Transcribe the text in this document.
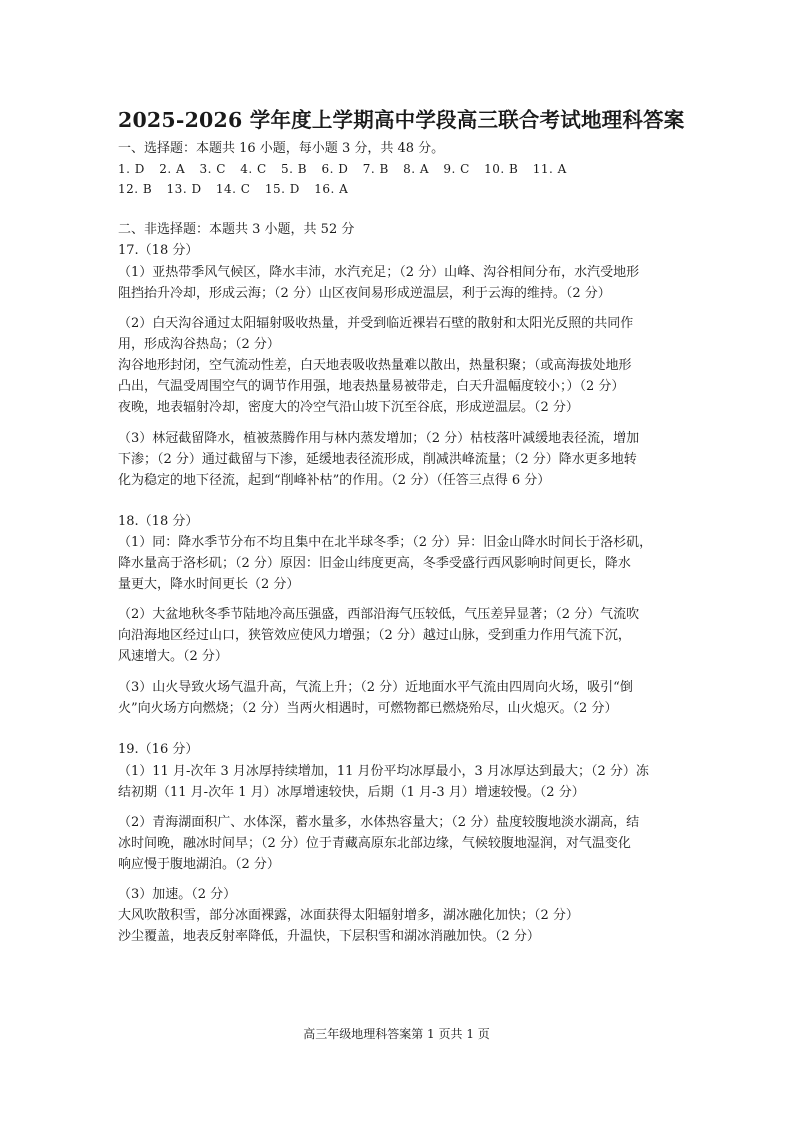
2025-2026 学年度上学期高中学段高三联合考试地理科答案
一、选择题：本题共 16 小题，每小题 3 分，共 48 分。
1. D 2. A 3. C 4. C 5. B 6. D 7. B 8. A 9. C 10. B 11. A
12. B 13. D 14. C 15. D 16. A
二、非选择题：本题共 3 小题，共 52 分
17.（18 分）
（1）亚热带季风气候区，降水丰沛，水汽充足；（2 分）山峰、沟谷相间分布，水汽受地形
阻挡抬升冷却，形成云海；（2 分）山区夜间易形成逆温层，利于云海的维持。（2 分）
（2）白天沟谷通过太阳辐射吸收热量，并受到临近裸岩石壁的散射和太阳光反照的共同作
用，形成沟谷热岛；（2 分）
沟谷地形封闭，空气流动性差，白天地表吸收热量难以散出，热量积聚；（或高海拔处地形
凸出，气温受周围空气的调节作用强，地表热量易被带走，白天升温幅度较小；）（2 分）
夜晚，地表辐射冷却，密度大的冷空气沿山坡下沉至谷底，形成逆温层。（2 分）
（3）林冠截留降水，植被蒸腾作用与林内蒸发增加；（2 分）枯枝落叶减缓地表径流，增加
下渗；（2 分）通过截留与下渗，延缓地表径流形成，削减洪峰流量；（2 分）降水更多地转
化为稳定的地下径流，起到“削峰补枯”的作用。（2 分）（任答三点得 6 分）
18.（18 分）
（1）同：降水季节分布不均且集中在北半球冬季；（2 分）异：旧金山降水时间长于洛杉矶，
降水量高于洛杉矶；（2 分）原因：旧金山纬度更高，冬季受盛行西风影响时间更长，降水
量更大，降水时间更长（2 分）
（2）大盆地秋冬季节陆地冷高压强盛，西部沿海气压较低，气压差异显著；（2 分）气流吹
向沿海地区经过山口，狭管效应使风力增强；（2 分）越过山脉，受到重力作用气流下沉，
风速增大。（2 分）
（3）山火导致火场气温升高，气流上升；（2 分）近地面水平气流由四周向火场，吸引“倒
火”向火场方向燃烧；（2 分）当两火相遇时，可燃物都已燃烧殆尽，山火熄灭。（2 分）
19.（16 分）
（1）11 月-次年 3 月冰厚持续增加，11 月份平均冰厚最小，3 月冰厚达到最大；（2 分）冻
结初期（11 月-次年 1 月）冰厚增速较快，后期（1 月-3 月）增速较慢。（2 分）
（2）青海湖面积广、水体深，蓄水量多，水体热容量大；（2 分）盐度较腹地淡水湖高，结
冰时间晚，融冰时间早；（2 分）位于青藏高原东北部边缘，气候较腹地湿润，对气温变化
响应慢于腹地湖泊。（2 分）
（3）加速。（2 分）
大风吹散积雪，部分冰面裸露，冰面获得太阳辐射增多，湖冰融化加快；（2 分）
沙尘覆盖，地表反射率降低，升温快，下层积雪和湖冰消融加快。（2 分）
高三年级地理科答案第 1 页共 1 页
